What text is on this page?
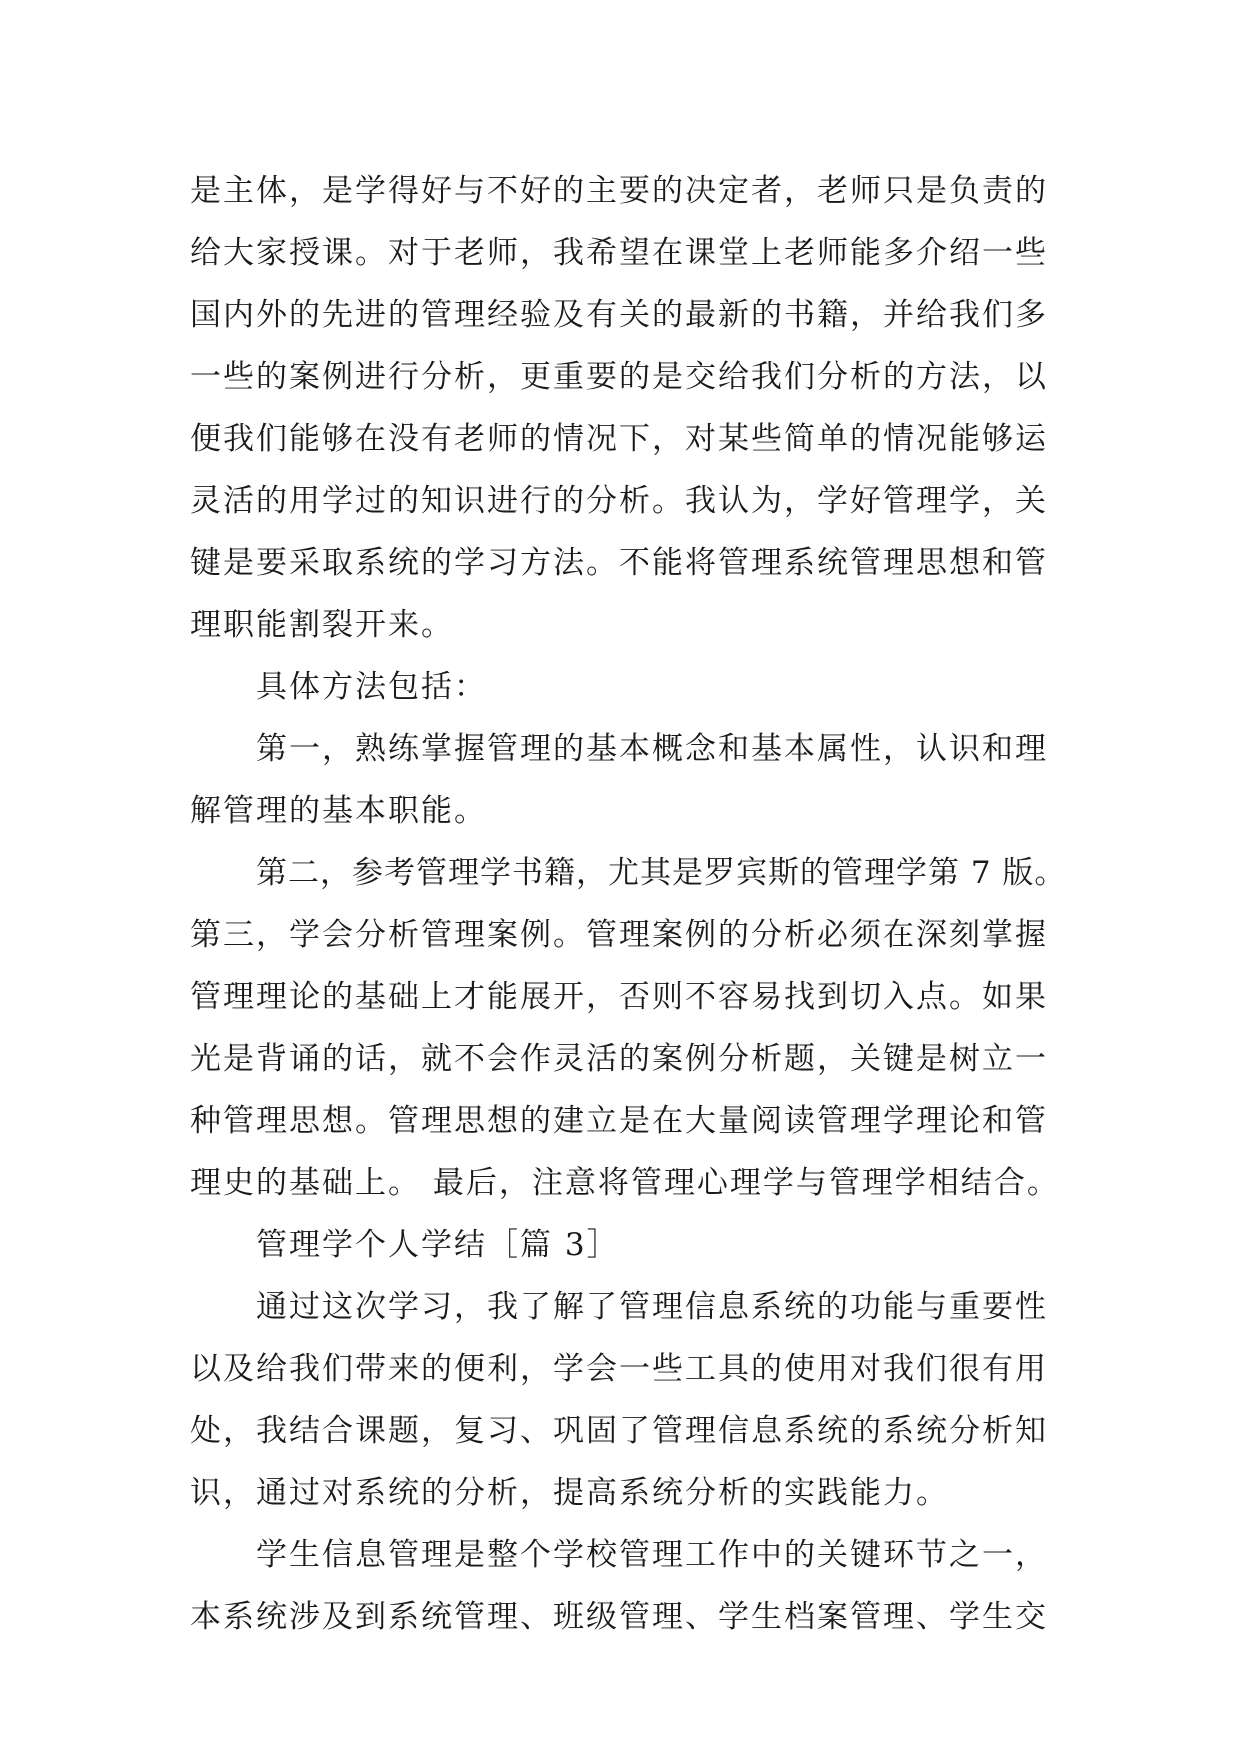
是主体，是学得好与不好的主要的决定者，老师只是负责的
给大家授课。对于老师，我希望在课堂上老师能多介绍一些
国内外的先进的管理经验及有关的最新的书籍，并给我们多
一些的案例进行分析，更重要的是交给我们分析的方法，以
便我们能够在没有老师的情况下，对某些简单的情况能够运
灵活的用学过的知识进行的分析。我认为，学好管理学，关
键是要采取系统的学习方法。不能将管理系统管理思想和管
理职能割裂开来。
具体方法包括：
第一，熟练掌握管理的基本概念和基本属性，认识和理
解管理的基本职能。
第二，参考管理学书籍，尤其是罗宾斯的管理学第 7 版。
第三，学会分析管理案例。管理案例的分析必须在深刻掌握
管理理论的基础上才能展开，否则不容易找到切入点。如果
光是背诵的话，就不会作灵活的案例分析题，关键是树立一
种管理思想。管理思想的建立是在大量阅读管理学理论和管
理史的基础上。 最后，注意将管理心理学与管理学相结合。
管理学个人学结［篇 3］
通过这次学习，我了解了管理信息系统的功能与重要性
以及给我们带来的便利，学会一些工具的使用对我们很有用
处，我结合课题，复习、巩固了管理信息系统的系统分析知
识，通过对系统的分析，提高系统分析的实践能力。
学生信息管理是整个学校管理工作中的关键环节之一，
本系统涉及到系统管理、班级管理、学生档案管理、学生交
